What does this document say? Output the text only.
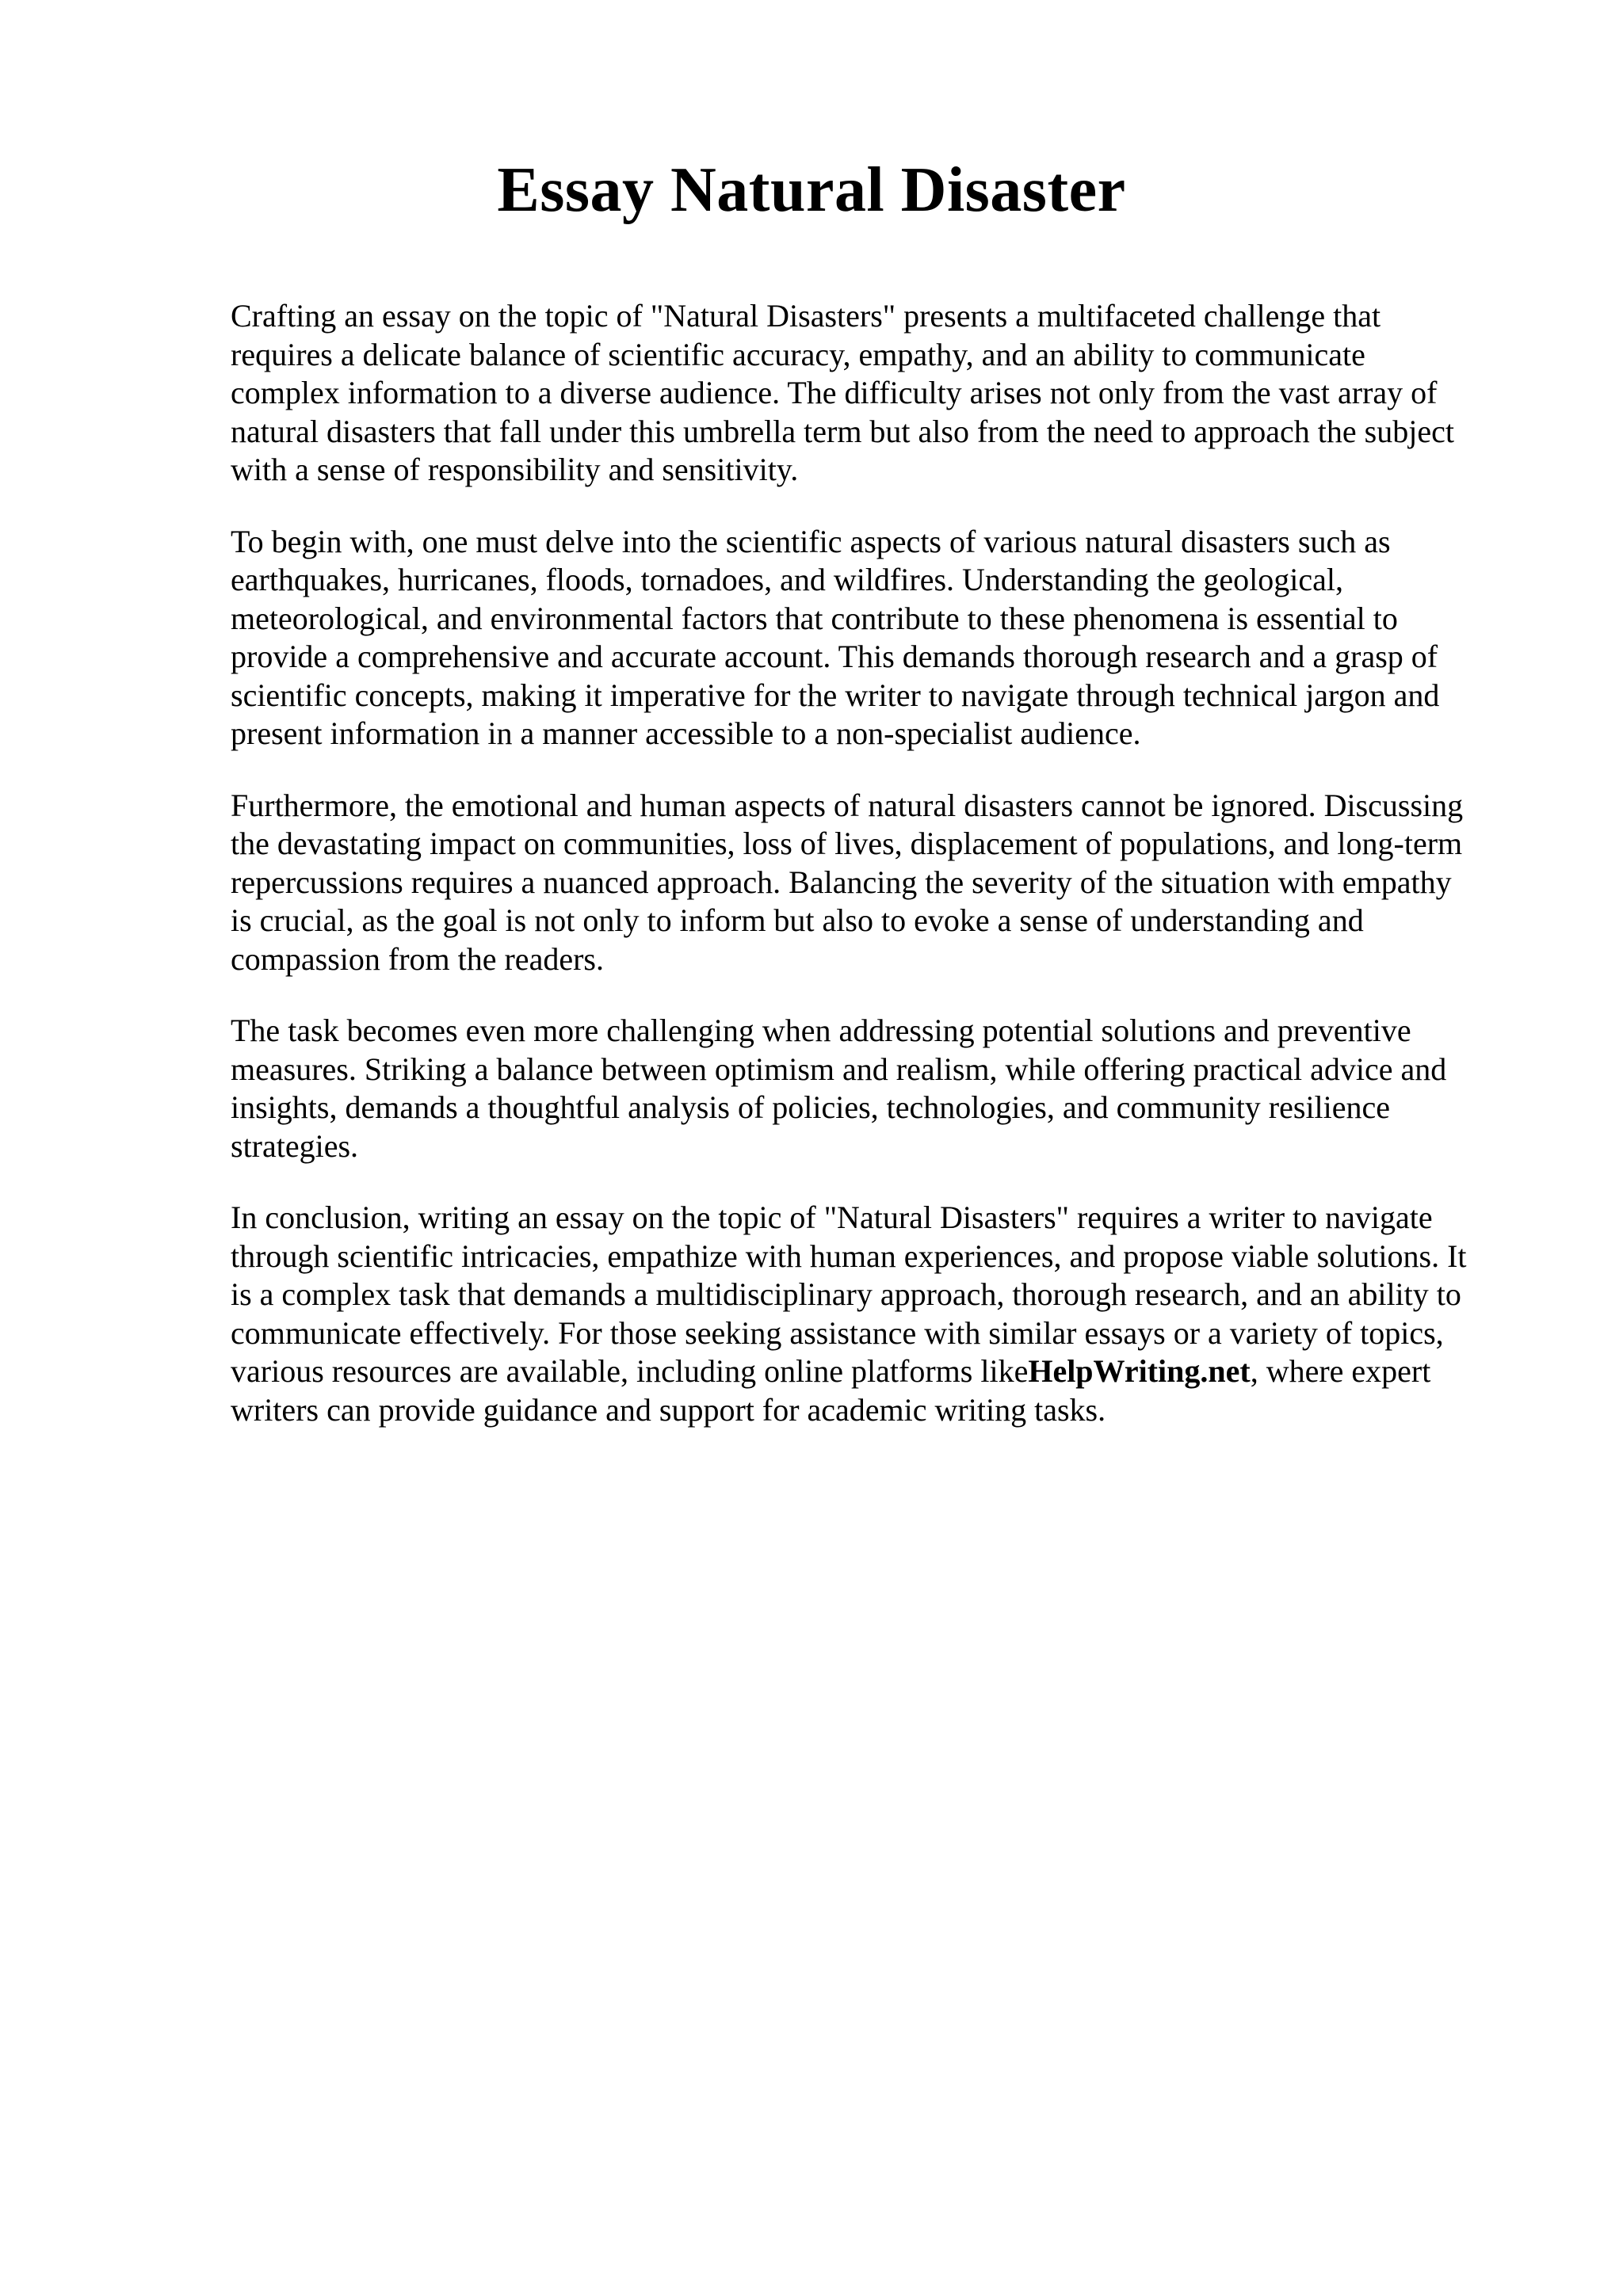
Essay Natural Disaster

Crafting an essay on the topic of "Natural Disasters" presents a multifaceted challenge that
requires a delicate balance of scientific accuracy, empathy, and an ability to communicate
complex information to a diverse audience. The difficulty arises not only from the vast array of
natural disasters that fall under this umbrella term but also from the need to approach the subject
with a sense of responsibility and sensitivity.

To begin with, one must delve into the scientific aspects of various natural disasters such as
earthquakes, hurricanes, floods, tornadoes, and wildfires. Understanding the geological,
meteorological, and environmental factors that contribute to these phenomena is essential to
provide a comprehensive and accurate account. This demands thorough research and a grasp of
scientific concepts, making it imperative for the writer to navigate through technical jargon and
present information in a manner accessible to a non-specialist audience.

Furthermore, the emotional and human aspects of natural disasters cannot be ignored. Discussing
the devastating impact on communities, loss of lives, displacement of populations, and long-term
repercussions requires a nuanced approach. Balancing the severity of the situation with empathy
is crucial, as the goal is not only to inform but also to evoke a sense of understanding and
compassion from the readers.

The task becomes even more challenging when addressing potential solutions and preventive
measures. Striking a balance between optimism and realism, while offering practical advice and
insights, demands a thoughtful analysis of policies, technologies, and community resilience
strategies.

In conclusion, writing an essay on the topic of "Natural Disasters" requires a writer to navigate
through scientific intricacies, empathize with human experiences, and propose viable solutions. It
is a complex task that demands a multidisciplinary approach, thorough research, and an ability to
communicate effectively. For those seeking assistance with similar essays or a variety of topics,
various resources are available, including online platforms likeHelpWriting.net, where expert
writers can provide guidance and support for academic writing tasks.
